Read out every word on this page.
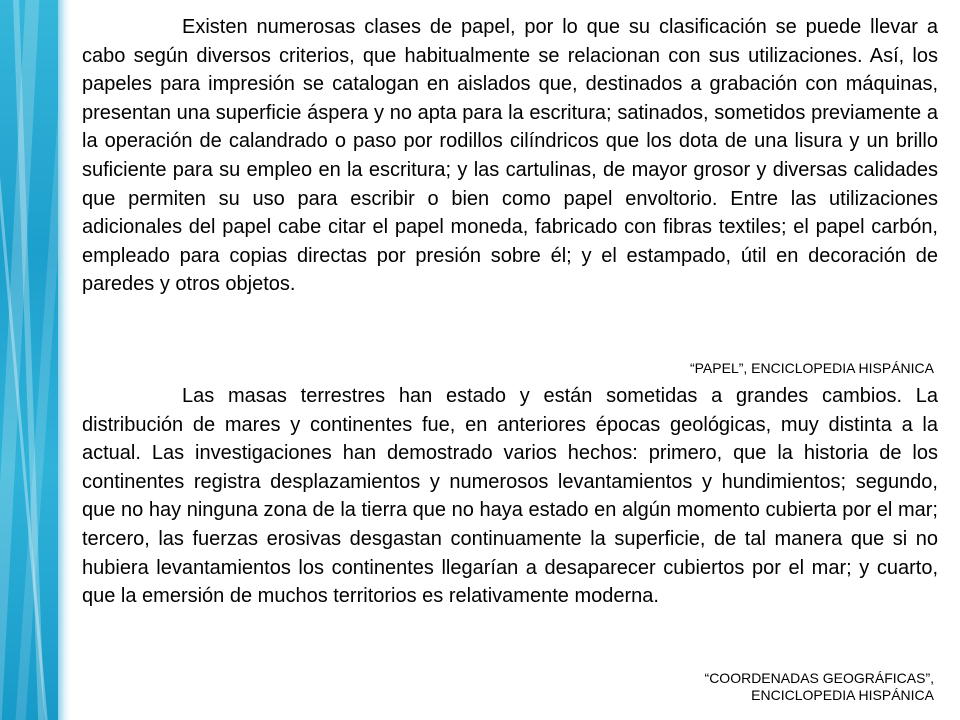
Existen numerosas clases de papel, por lo que su clasificación se puede llevar a cabo según diversos criterios, que habitualmente se relacionan con sus utilizaciones. Así, los papeles para impresión se catalogan en aislados que, destinados a grabación con máquinas, presentan una superficie áspera y no apta para la escritura; satinados, sometidos previamente a la operación de calandrado o paso por rodillos cilíndricos que los dota de una lisura y un brillo suficiente para su empleo en la escritura; y las cartulinas, de mayor grosor y diversas calidades que permiten su uso para escribir o bien como papel envoltorio. Entre las utilizaciones adicionales del papel cabe citar el papel moneda, fabricado con fibras textiles; el papel carbón, empleado para copias directas por presión sobre él; y el estampado, útil en decoración de paredes y otros objetos.

“PAPEL”, ENCICLOPEDIA HISPÁNICA

Las masas terrestres han estado y están sometidas a grandes cambios. La distribución de mares y continentes fue, en anteriores épocas geológicas, muy distinta a la actual. Las investigaciones han demostrado varios hechos: primero, que la historia de los continentes registra desplazamientos y numerosos levantamientos y hundimientos; segundo, que no hay ninguna zona de la tierra que no haya estado en algún momento cubierta por el mar; tercero, las fuerzas erosivas desgastan continuamente la superficie, de tal manera que si no hubiera levantamientos los continentes llegarían a desaparecer cubiertos por el mar; y cuarto, que la emersión de muchos territorios es relativamente moderna.

“COORDENADAS GEOGRÁFICAS”,
ENCICLOPEDIA HISPÁNICA
